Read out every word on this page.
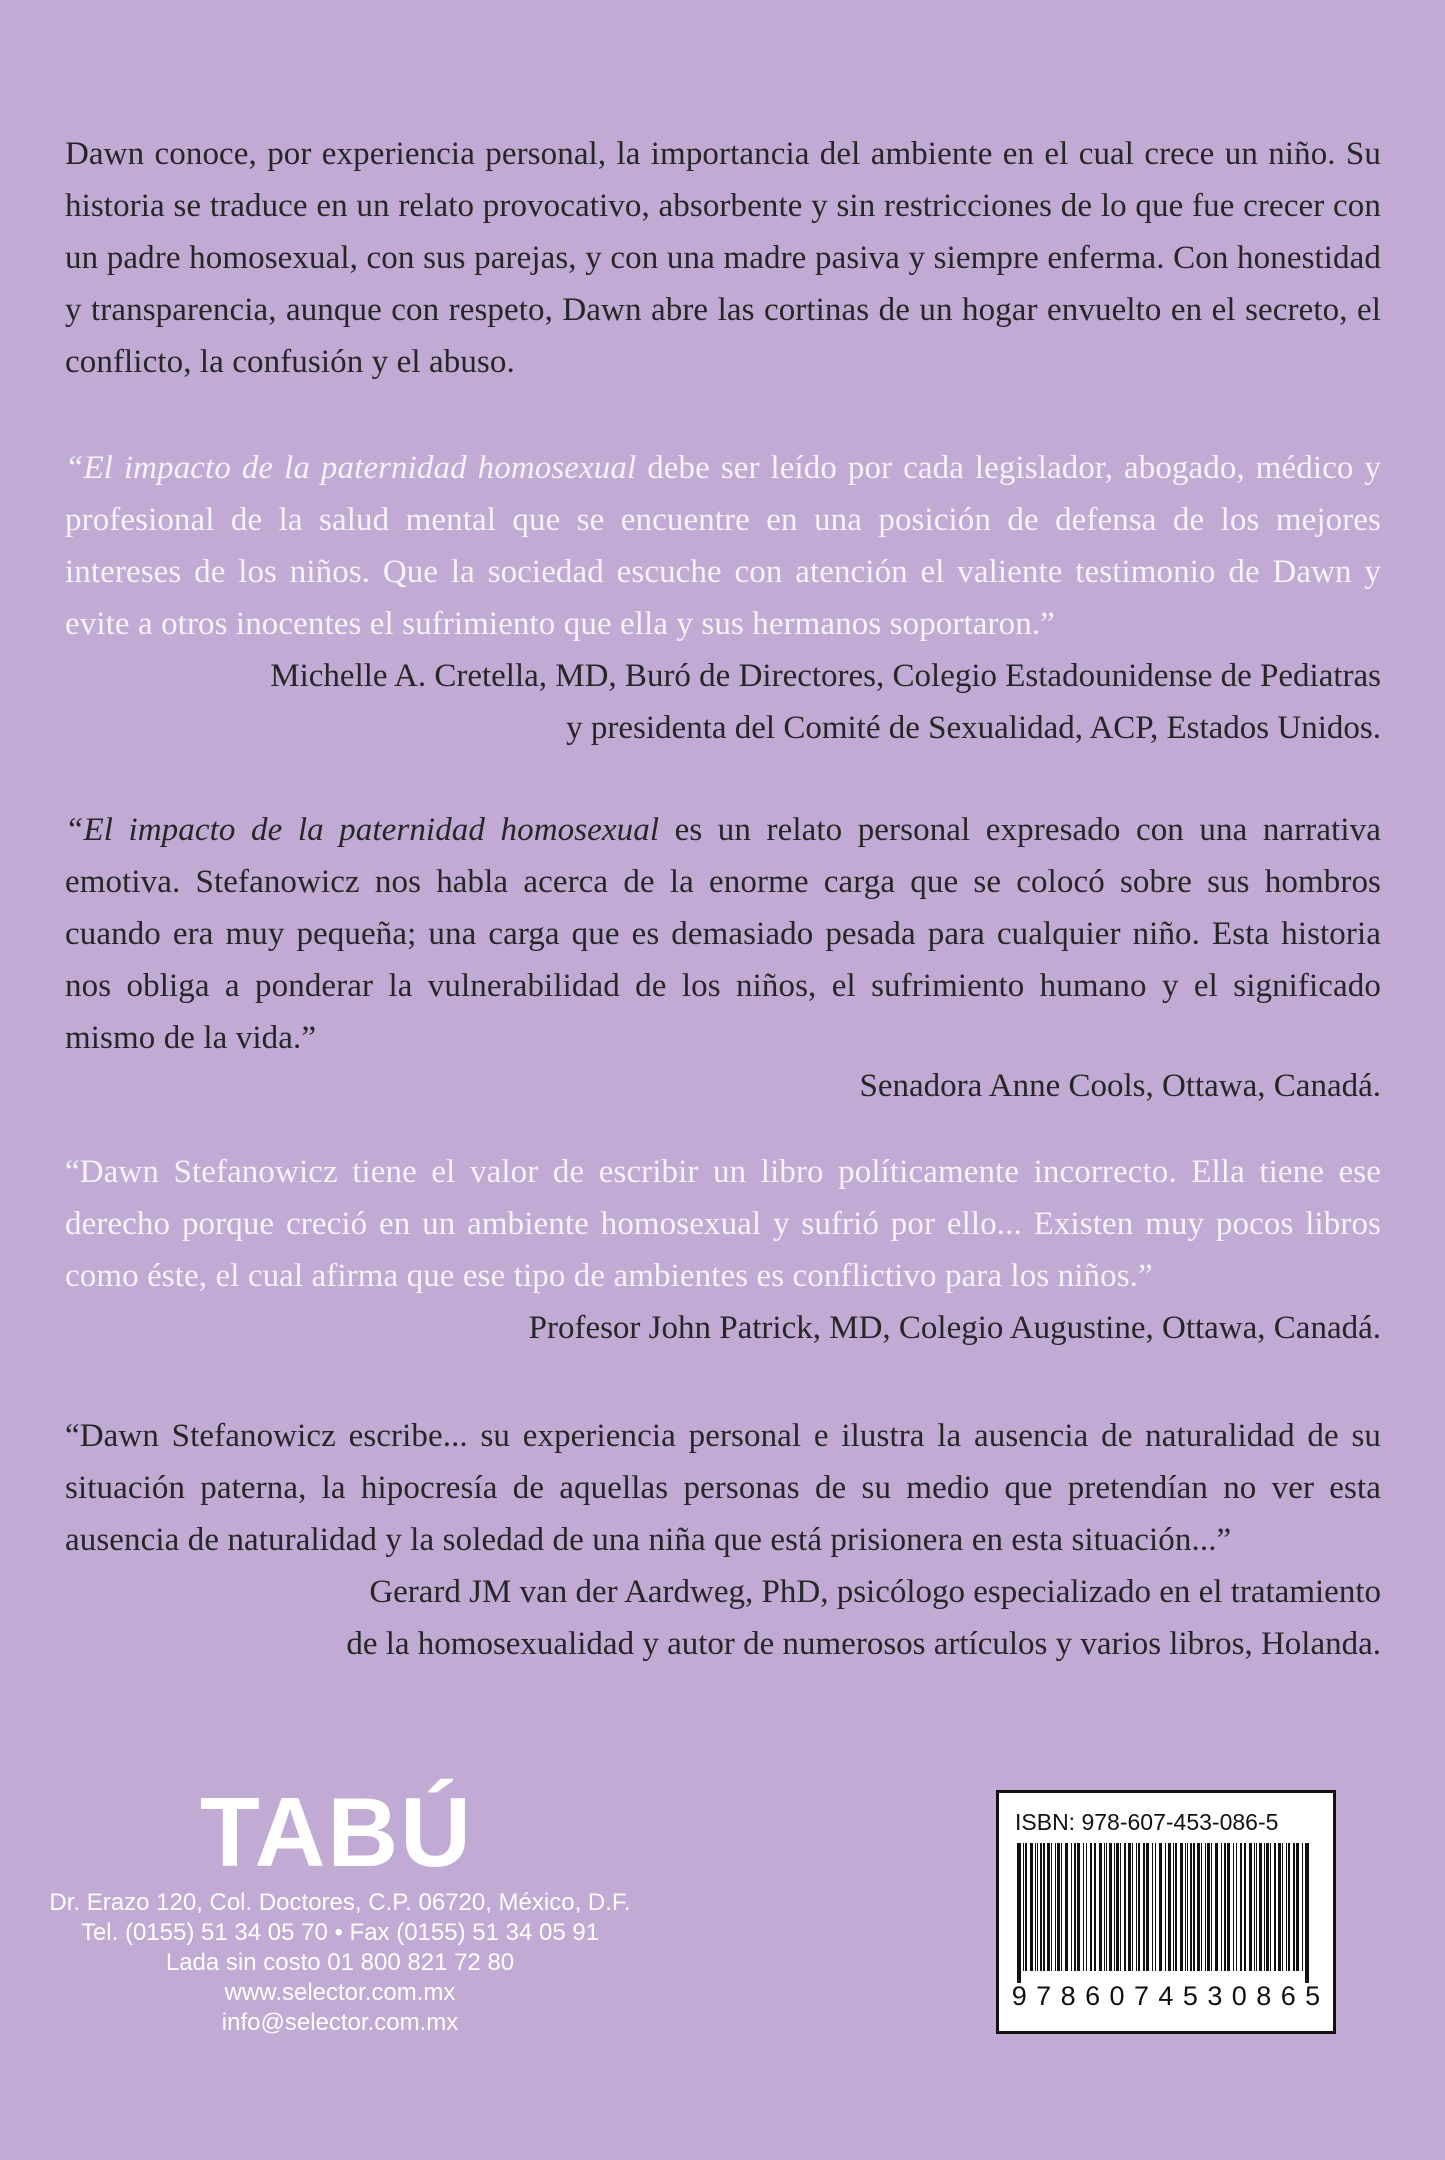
Dawn conoce, por experiencia personal, la importancia del ambiente en el cual crece un niño. Su historia se traduce en un relato provocativo, absorbente y sin restricciones de lo que fue crecer con un padre homosexual, con sus parejas, y con una madre pasiva y siempre enferma. Con honestidad y transparencia, aunque con respeto, Dawn abre las cortinas de un hogar envuelto en el secreto, el conflicto, la confusión y el abuso.

“El impacto de la paternidad homosexual debe ser leído por cada legislador, abogado, médico y profesional de la salud mental que se encuentre en una posición de defensa de los mejores intereses de los niños. Que la sociedad escuche con atención el valiente testimonio de Dawn y evite a otros inocentes el sufrimiento que ella y sus hermanos soportaron.”

Michelle A. Cretella, MD, Buró de Directores, Colegio Estadounidense de Pediatras

y presidenta del Comité de Sexualidad, ACP, Estados Unidos.

“El impacto de la paternidad homosexual es un relato personal expresado con una narrativa emotiva. Stefanowicz nos habla acerca de la enorme carga que se colocó sobre sus hombros cuando era muy pequeña; una carga que es demasiado pesada para cualquier niño. Esta historia nos obliga a ponderar la vulnerabilidad de los niños, el sufrimiento humano y el significado mismo de la vida.”

Senadora Anne Cools, Ottawa, Canadá.

“Dawn Stefanowicz tiene el valor de escribir un libro políticamente incorrecto. Ella tiene ese derecho porque creció en un ambiente homosexual y sufrió por ello... Existen muy pocos libros como éste, el cual afirma que ese tipo de ambientes es conflictivo para los niños.”

Profesor John Patrick, MD, Colegio Augustine, Ottawa, Canadá.

“Dawn Stefanowicz escribe... su experiencia personal e ilustra la ausencia de naturalidad de su situación paterna, la hipocresía de aquellas personas de su medio que pretendían no ver esta ausencia de naturalidad y la soledad de una niña que está prisionera en esta situación...”

Gerard JM van der Aardweg, PhD, psicólogo especializado en el tratamiento

de la homosexualidad y autor de numerosos artículos y varios libros, Holanda.

TABÚ
Dr. Erazo 120, Col. Doctores, C.P. 06720, México, D.F.
Tel. (0155) 51 34 05 70 • Fax (0155) 51 34 05 91
Lada sin costo 01 800 821 72 80
www.selector.com.mx
info@selector.com.mx
ISBN: 978-607-453-086-5
9 7 8 6 0 7 4 5 3 0 8 6 5
